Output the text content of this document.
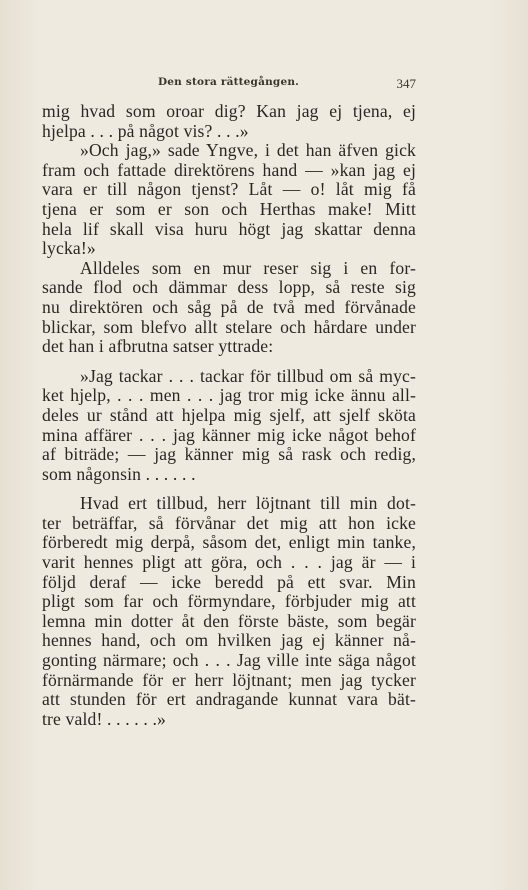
Den stora rättegången.	347
mig hvad som oroar dig? Kan jag ej tjena, ej
hjelpa . . . på något vis? . . .»
»Och jag,» sade Yngve, i det han äfven gick
fram och fattade direktörens hand — »kan jag ej
vara er till någon tjenst? Låt — o! låt mig få
tjena er som er son och Herthas make! Mitt
hela lif skall visa huru högt jag skattar denna
lycka!»
Alldeles som en mur reser sig i en for-
sande flod och dämmar dess lopp, så reste sig
nu direktören och såg på de två med förvånade
blickar, som blefvo allt stelare och hårdare under
det han i afbrutna satser yttrade:
»Jag tackar . . . tackar för tillbud om så myc-
ket hjelp, . . . men . . . jag tror mig icke ännu all-
deles ur stånd att hjelpa mig sjelf, att sjelf sköta
mina affärer . . . jag känner mig icke något behof
af biträde; — jag känner mig så rask och redig,
som någonsin . . . . . .
Hvad ert tillbud, herr löjtnant till min dot-
ter beträffar, så förvånar det mig att hon icke
förberedt mig derpå, såsom det, enligt min tanke,
varit hennes pligt att göra, och . . . jag är — i
följd deraf — icke beredd på ett svar. Min
pligt som far och förmyndare, förbjuder mig att
lemna min dotter åt den förste bäste, som begär
hennes hand, och om hvilken jag ej känner nå-
gonting närmare; och . . . Jag ville inte säga något
förnärmande för er herr löjtnant; men jag tycker
att stunden för ert andragande kunnat vara bät-
tre vald! . . . . . .»
